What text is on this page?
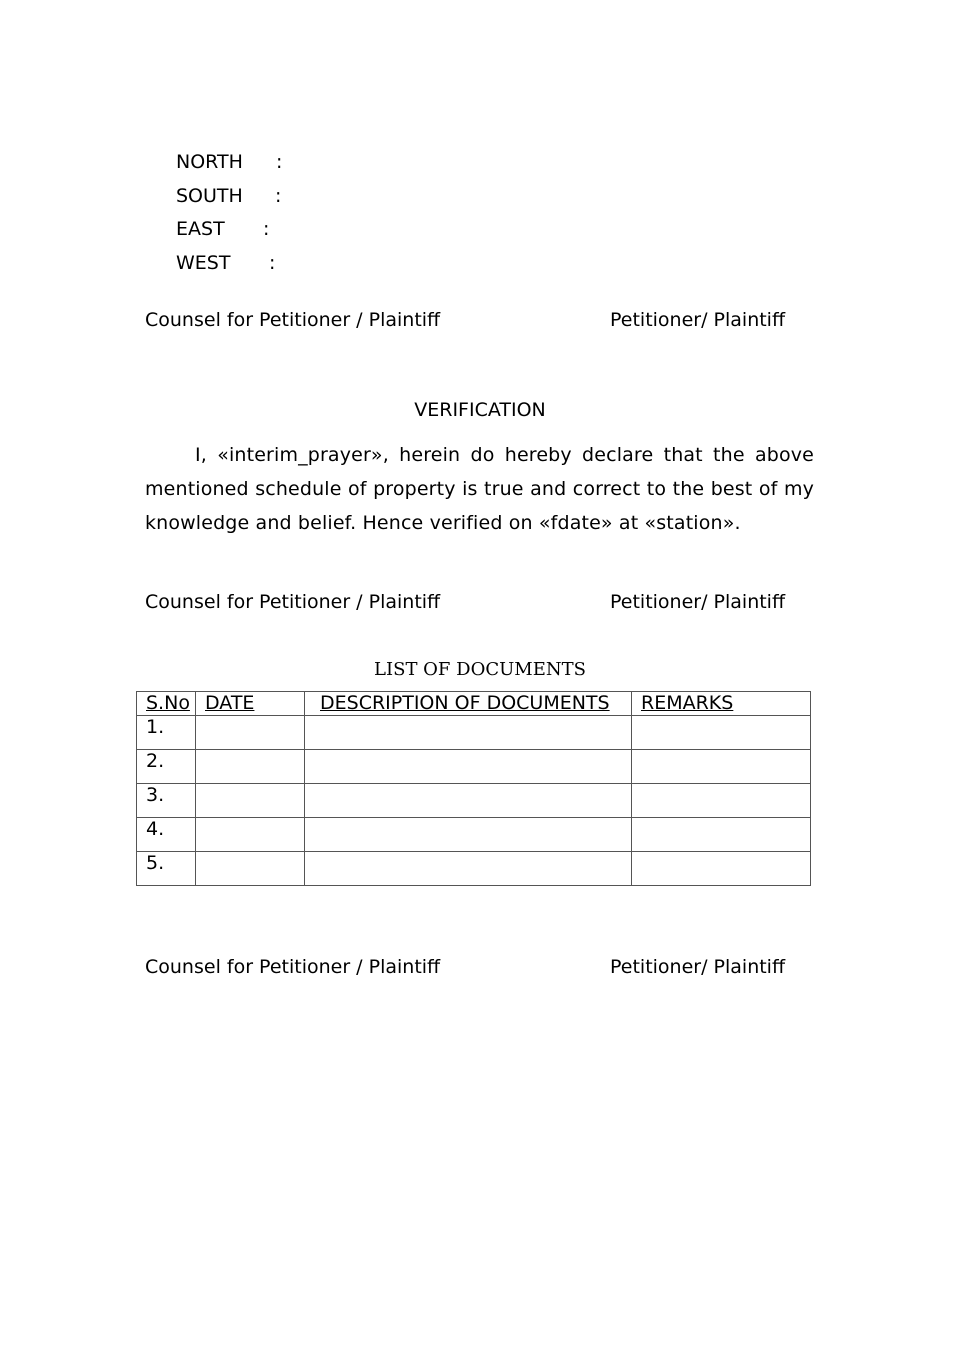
NORTH :
SOUTH :
EAST :
WEST :
Counsel for Petitioner / Plaintiff	Petitioner/ Plaintiff
VERIFICATION
I, «interim_prayer», herein do hereby declare that the above mentioned schedule of property is true and correct to the best of my knowledge and belief. Hence verified on «fdate» at «station».
Counsel for Petitioner / Plaintiff	Petitioner/ Plaintiff
LIST OF DOCUMENTS
S.No	DATE	DESCRIPTION OF DOCUMENTS	REMARKS
1.			
2.			
3.			
4.			
5.			
Counsel for Petitioner / Plaintiff	Petitioner/ Plaintiff
